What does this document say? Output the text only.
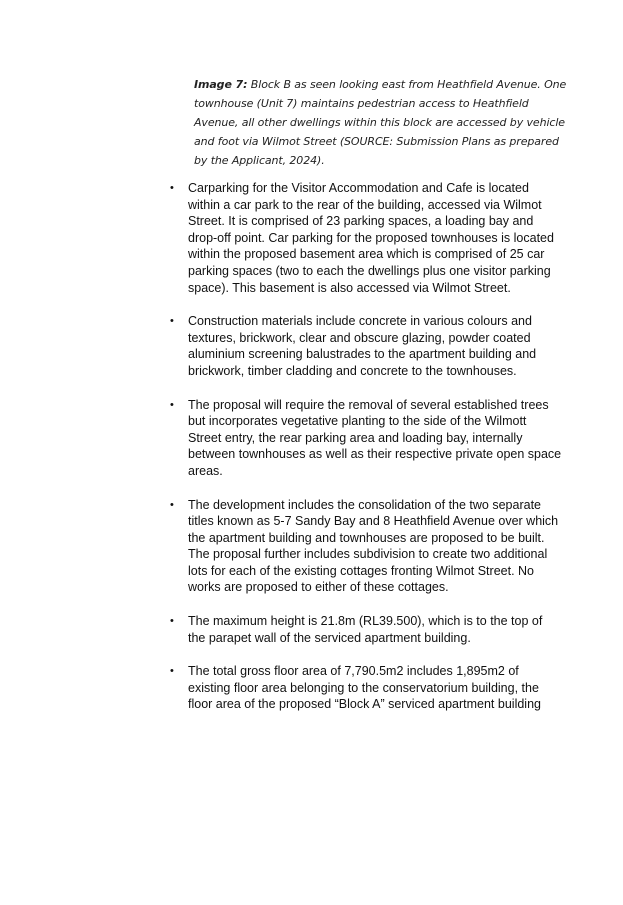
Image 7: Block B as seen looking east from Heathfield Avenue. One townhouse (Unit 7) maintains pedestrian access to Heathfield Avenue, all other dwellings within this block are accessed by vehicle and foot via Wilmot Street (SOURCE: Submission Plans as prepared by the Applicant, 2024).
• Carparking for the Visitor Accommodation and Cafe is located within a car park to the rear of the building, accessed via Wilmot Street. It is comprised of 23 parking spaces, a loading bay and drop-off point. Car parking for the proposed townhouses is located within the proposed basement area which is comprised of 25 car parking spaces (two to each the dwellings plus one visitor parking space). This basement is also accessed via Wilmot Street.
• Construction materials include concrete in various colours and textures, brickwork, clear and obscure glazing, powder coated aluminium screening balustrades to the apartment building and brickwork, timber cladding and concrete to the townhouses.
• The proposal will require the removal of several established trees but incorporates vegetative planting to the side of the Wilmott Street entry, the rear parking area and loading bay, internally between townhouses as well as their respective private open space areas.
• The development includes the consolidation of the two separate titles known as 5-7 Sandy Bay and 8 Heathfield Avenue over which the apartment building and townhouses are proposed to be built. The proposal further includes subdivision to create two additional lots for each of the existing cottages fronting Wilmot Street. No works are proposed to either of these cottages.
• The maximum height is 21.8m (RL39.500), which is to the top of the parapet wall of the serviced apartment building.
• The total gross floor area of 7,790.5m2 includes 1,895m2 of existing floor area belonging to the conservatorium building, the floor area of the proposed “Block A” serviced apartment building
